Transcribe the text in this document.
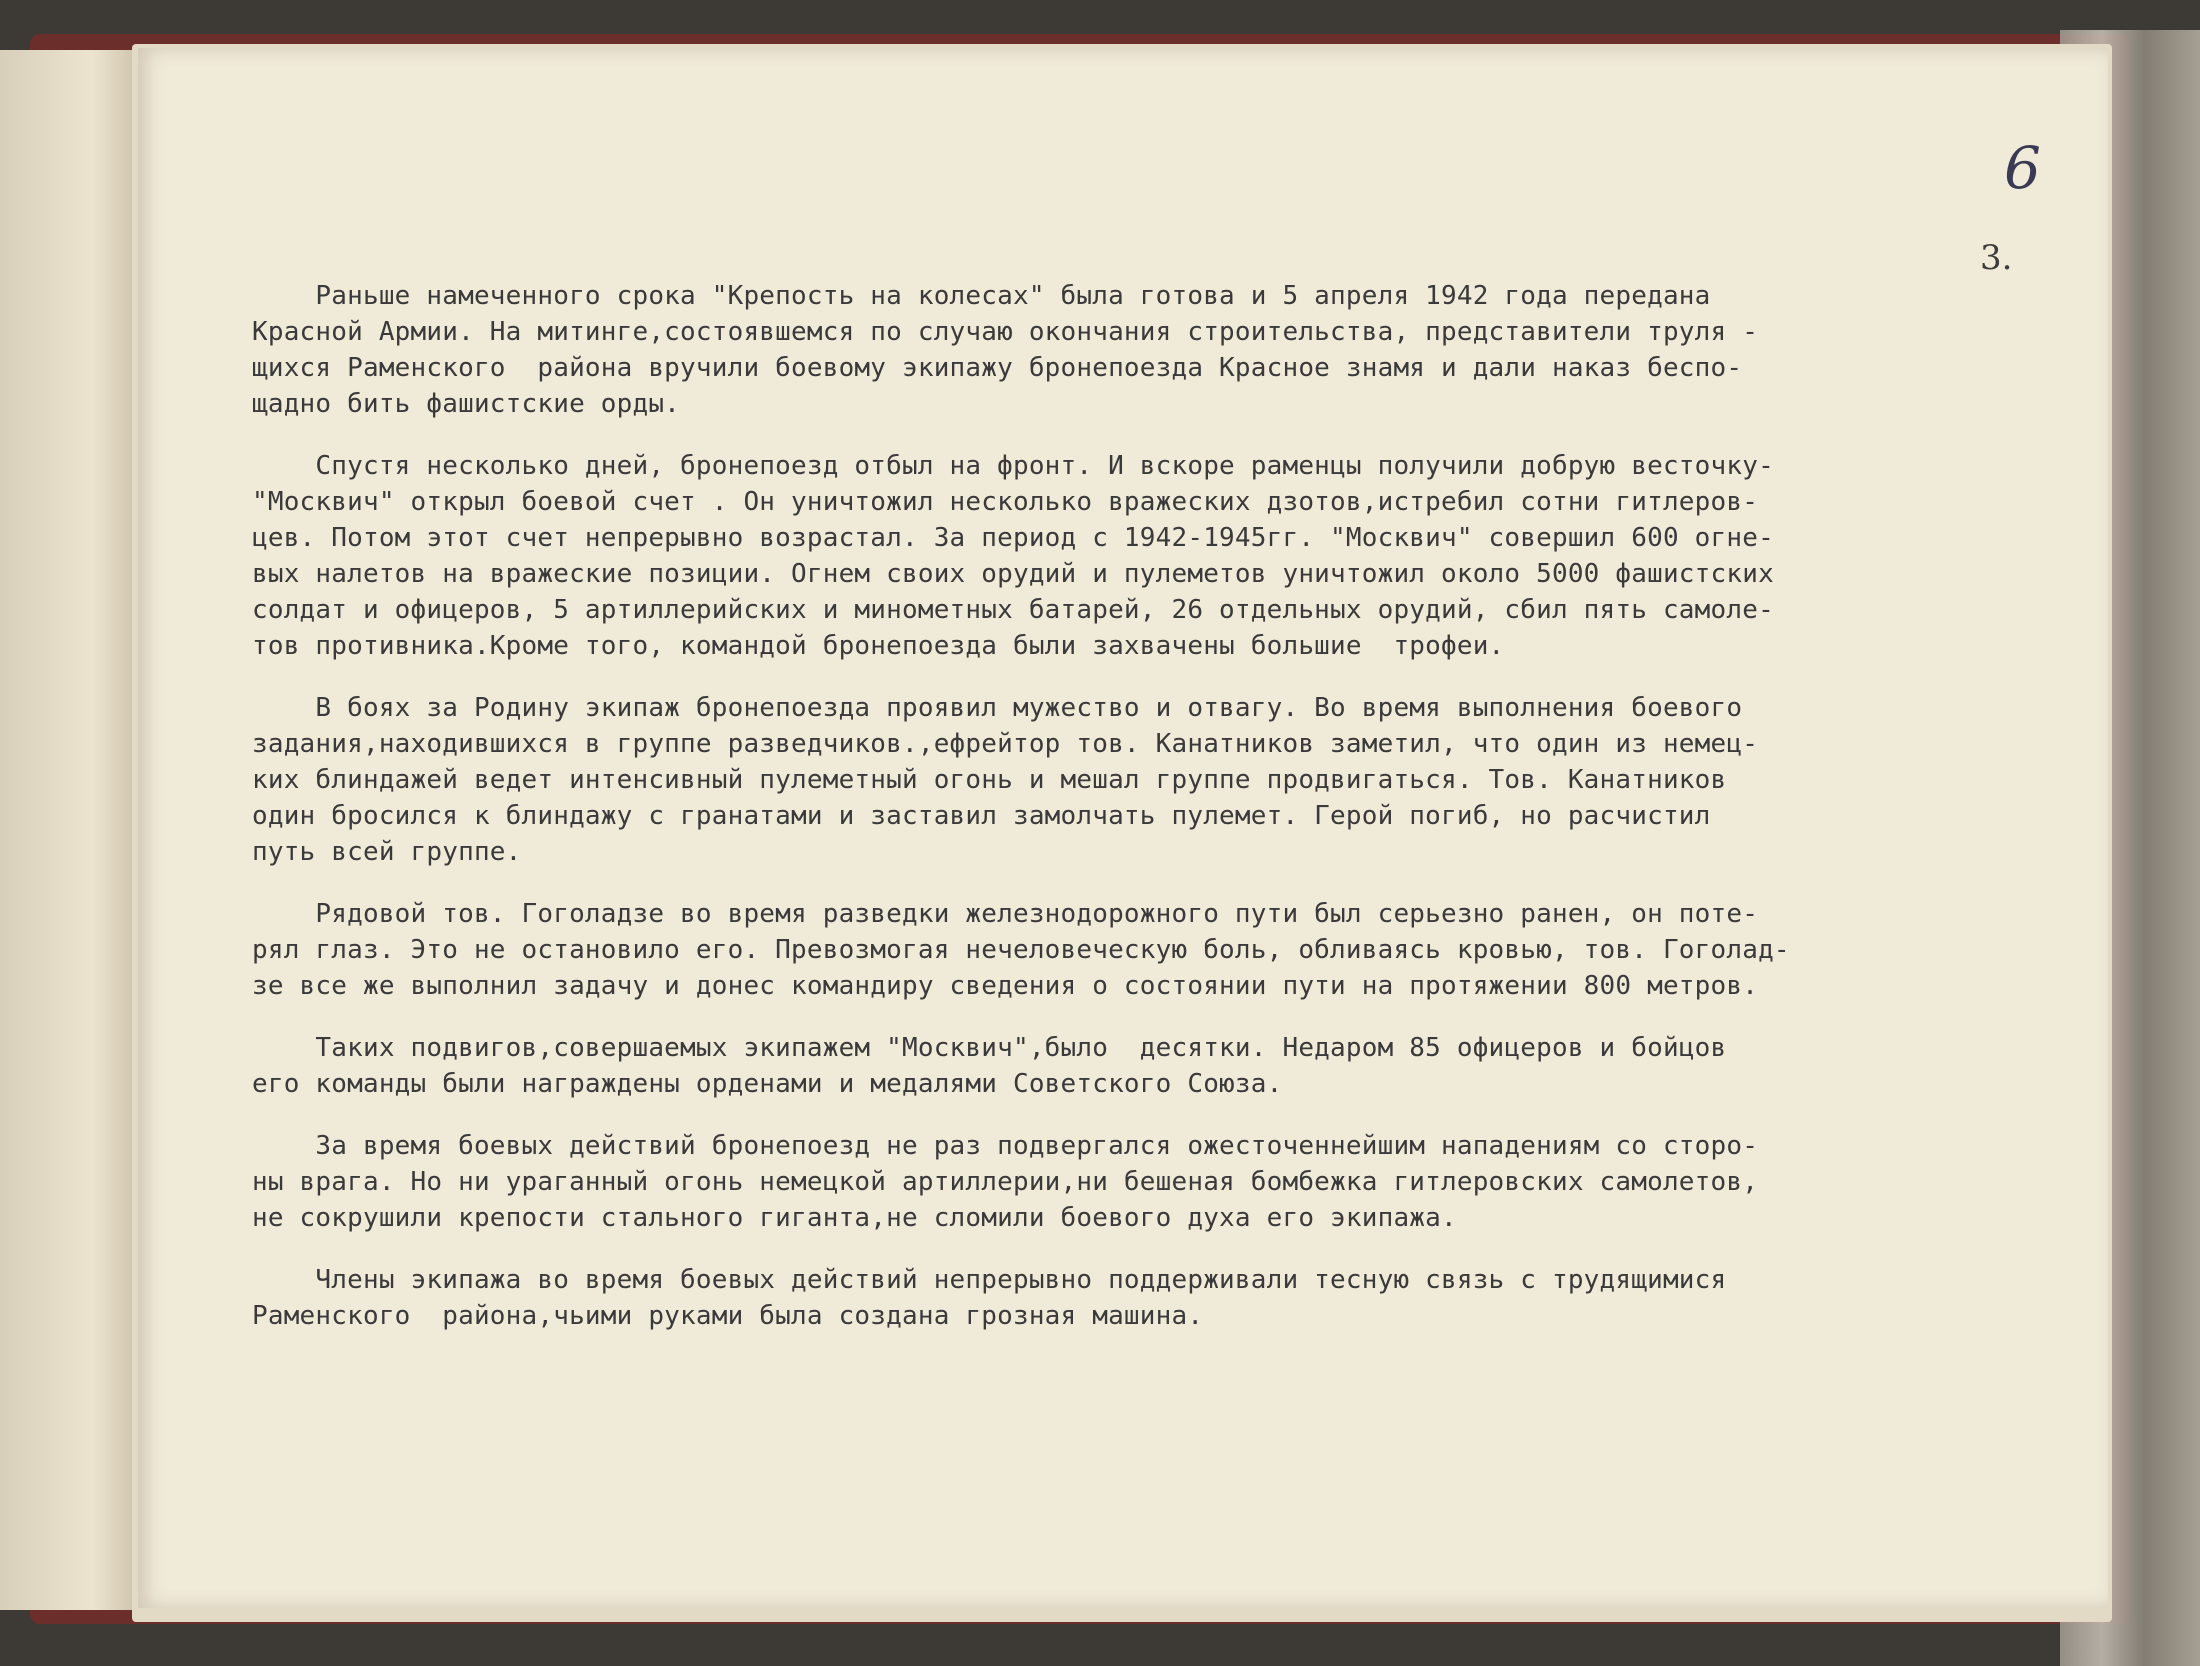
6
3.

Раньше намеченного срока "Крепость на колесах" была готова и 5 апреля 1942 года передана
Красной Армии. На митинге,состоявшемся по случаю окончания строительства, представители труля -
щихся Раменского  района вручили боевому экипажу бронепоезда Красное знамя и дали наказ беспо-
щадно бить фашистские орды.

Спустя несколько дней, бронепоезд отбыл на фронт. И вскоре раменцы получили добрую весточку-
"Москвич" открыл боевой счет . Он уничтожил несколько вражеских дзотов,истребил сотни гитлеров-
цев. Потом этот счет непрерывно возрастал. За период с 1942-1945гг. "Москвич" совершил 600 огне-
вых налетов на вражеские позиции. Огнем своих орудий и пулеметов уничтожил около 5000 фашистских
солдат и офицеров, 5 артиллерийских и минометных батарей, 26 отдельных орудий, сбил пять самоле-
тов противника.Кроме того, командой бронепоезда были захвачены большие  трофеи.

В боях за Родину экипаж бронепоезда проявил мужество и отвагу. Во время выполнения боевого
задания,находившихся в группе разведчиков.,ефрейтор тов. Канатников заметил, что один из немец-
ких блиндажей ведет интенсивный пулеметный огонь и мешал группе продвигаться. Тов. Канатников
один бросился к блиндажу с гранатами и заставил замолчать пулемет. Герой погиб, но расчистил
путь всей группе.

Рядовой тов. Гоголадзе во время разведки железнодорожного пути был серьезно ранен, он поте-
рял глаз. Это не остановило его. Превозмогая нечеловеческую боль, обливаясь кровью, тов. Гоголад-
зе все же выполнил задачу и донес командиру сведения о состоянии пути на протяжении 800 метров.

Таких подвигов,совершаемых экипажем "Москвич",было  десятки. Недаром 85 офицеров и бойцов
его команды были награждены орденами и медалями Советского Союза.

За время боевых действий бронепоезд не раз подвергался ожесточеннейшим нападениям со сторо-
ны врага. Но ни ураганный огонь немецкой артиллерии,ни бешеная бомбежка гитлеровских самолетов,
не сокрушили крепости стального гиганта,не сломили боевого духа его экипажа.

Члены экипажа во время боевых действий непрерывно поддерживали тесную связь с трудящимися
Раменского  района,чьими руками была создана грозная машина.
